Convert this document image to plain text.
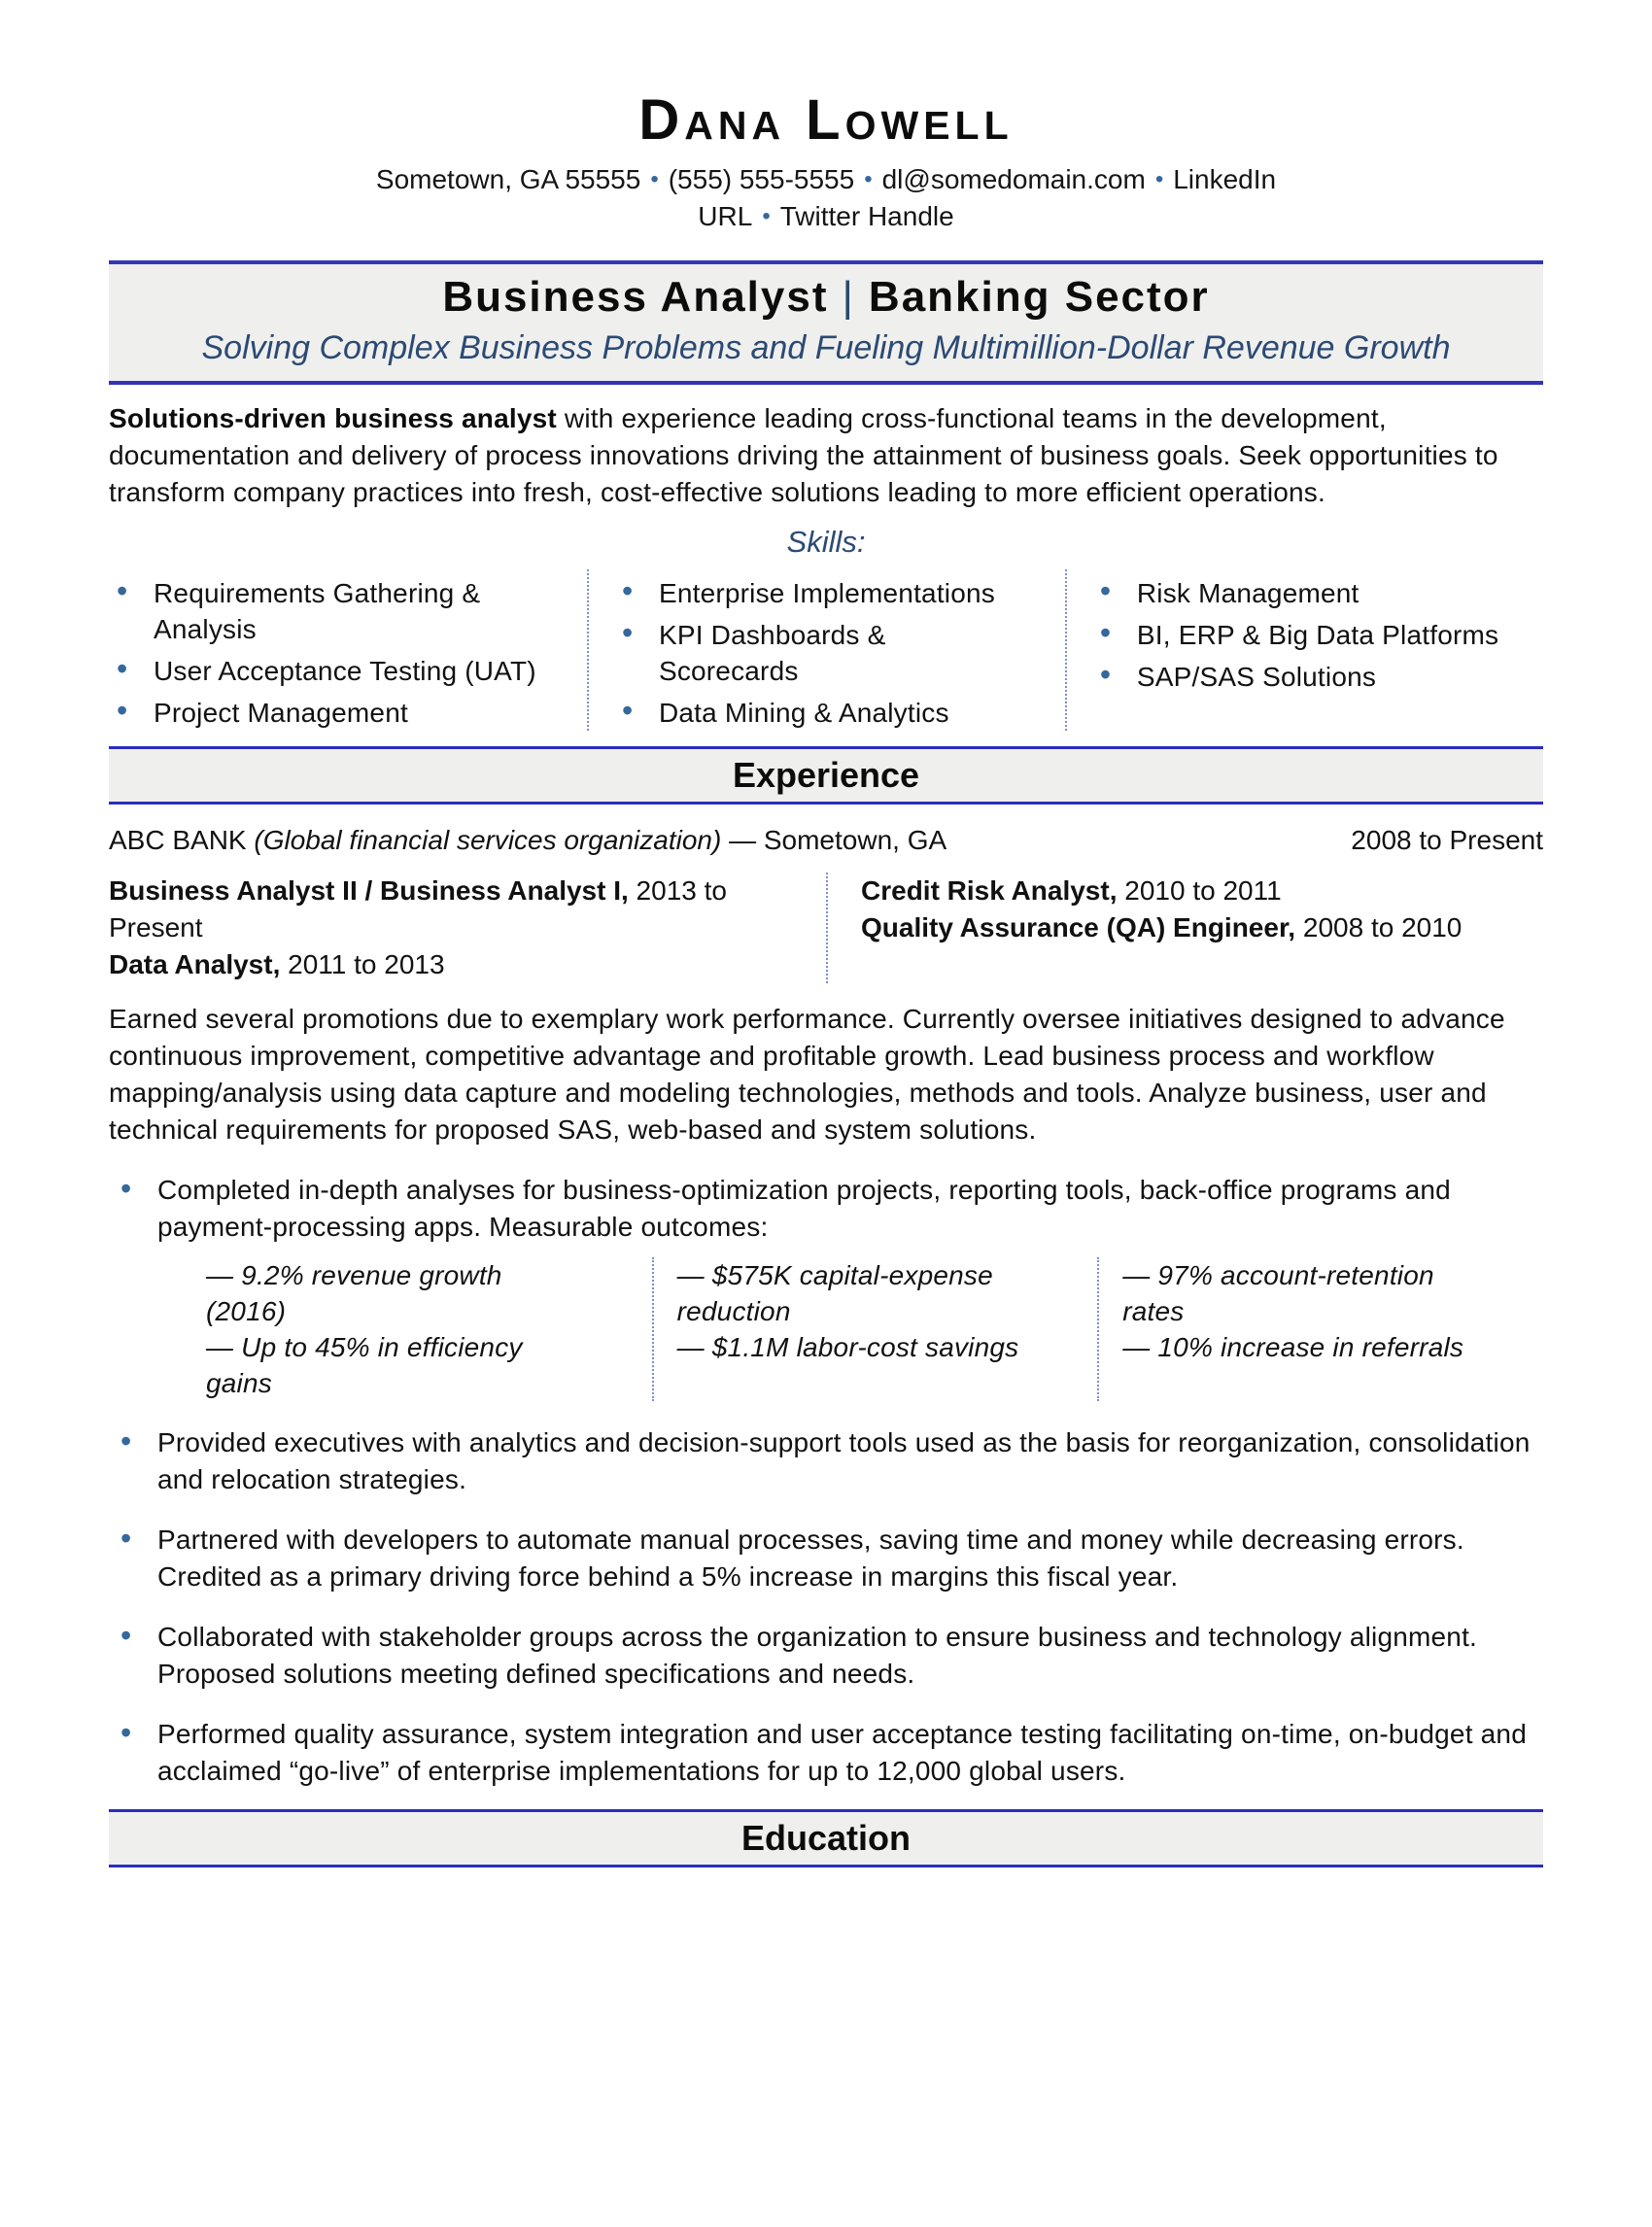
Dana Lowell
Sometown, GA 55555 • (555) 555-5555 • dl@somedomain.com • LinkedIn URL • Twitter Handle
Business Analyst | Banking Sector
Solving Complex Business Problems and Fueling Multimillion-Dollar Revenue Growth
Solutions-driven business analyst with experience leading cross-functional teams in the development, documentation and delivery of process innovations driving the attainment of business goals. Seek opportunities to transform company practices into fresh, cost-effective solutions leading to more efficient operations.
Skills:
• Requirements Gathering & Analysis
• User Acceptance Testing (UAT)
• Project Management
• Enterprise Implementations
• KPI Dashboards & Scorecards
• Data Mining & Analytics
• Risk Management
• BI, ERP & Big Data Platforms
• SAP/SAS Solutions
Experience
ABC BANK (Global financial services organization) — Sometown, GA	2008 to Present
Business Analyst II / Business Analyst I, 2013 to Present
Data Analyst, 2011 to 2013
Credit Risk Analyst, 2010 to 2011
Quality Assurance (QA) Engineer, 2008 to 2010
Earned several promotions due to exemplary work performance. Currently oversee initiatives designed to advance continuous improvement, competitive advantage and profitable growth. Lead business process and workflow mapping/analysis using data capture and modeling technologies, methods and tools. Analyze business, user and technical requirements for proposed SAS, web-based and system solutions.
• Completed in-depth analyses for business-optimization projects, reporting tools, back-office programs and payment-processing apps. Measurable outcomes:
— 9.2% revenue growth (2016)
— Up to 45% in efficiency gains
— $575K capital-expense reduction
— $1.1M labor-cost savings
— 97% account-retention rates
— 10% increase in referrals
• Provided executives with analytics and decision-support tools used as the basis for reorganization, consolidation and relocation strategies.
• Partnered with developers to automate manual processes, saving time and money while decreasing errors. Credited as a primary driving force behind a 5% increase in margins this fiscal year.
• Collaborated with stakeholder groups across the organization to ensure business and technology alignment. Proposed solutions meeting defined specifications and needs.
• Performed quality assurance, system integration and user acceptance testing facilitating on-time, on-budget and acclaimed “go-live” of enterprise implementations for up to 12,000 global users.
Education
